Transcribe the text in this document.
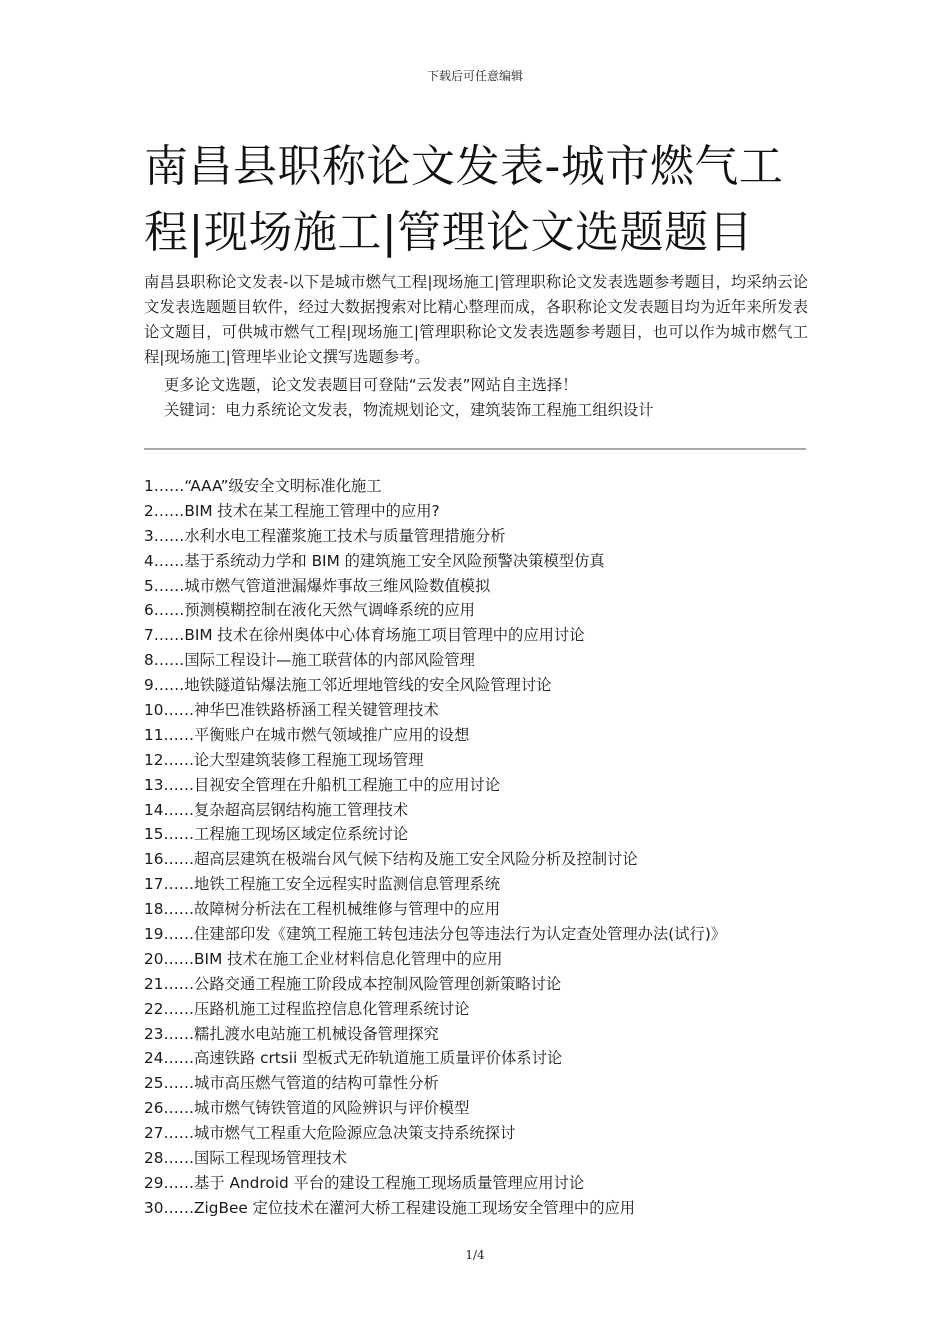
下载后可任意编辑
南昌县职称论文发表-城市燃气工程|现场施工|管理论文选题题目

南昌县职称论文发表-以下是城市燃气工程|现场施工|管理职称论文发表选题参考题目，均采纳云论文发表选题题目软件，经过大数据搜索对比精心整理而成，各职称论文发表题目均为近年来所发表论文题目，可供城市燃气工程|现场施工|管理职称论文发表选题参考题目，也可以作为城市燃气工程|现场施工|管理毕业论文撰写选题参考。

更多论文选题，论文发表题目可登陆“云发表”网站自主选择！
关键词：电力系统论文发表，物流规划论文，建筑装饰工程施工组织设计
1……“AAA”级安全文明标准化施工
2……BIM 技术在某工程施工管理中的应用?
3……水利水电工程灌浆施工技术与质量管理措施分析
4……基于系统动力学和 BIM 的建筑施工安全风险预警决策模型仿真
5……城市燃气管道泄漏爆炸事故三维风险数值模拟
6……预测模糊控制在液化天然气调峰系统的应用
7……BIM 技术在徐州奥体中心体育场施工项目管理中的应用讨论
8……国际工程设计—施工联营体的内部风险管理
9……地铁隧道钻爆法施工邻近埋地管线的安全风险管理讨论
10……神华巴准铁路桥涵工程关键管理技术
11……平衡账户在城市燃气领域推广应用的设想
12……论大型建筑装修工程施工现场管理
13……目视安全管理在升船机工程施工中的应用讨论
14……复杂超高层钢结构施工管理技术
15……工程施工现场区域定位系统讨论
16……超高层建筑在极端台风气候下结构及施工安全风险分析及控制讨论
17……地铁工程施工安全远程实时监测信息管理系统
18……故障树分析法在工程机械维修与管理中的应用
19……住建部印发《建筑工程施工转包违法分包等违法行为认定查处管理办法(试行)》
20……BIM 技术在施工企业材料信息化管理中的应用
21……公路交通工程施工阶段成本控制风险管理创新策略讨论
22……压路机施工过程监控信息化管理系统讨论
23……糯扎渡水电站施工机械设备管理探究
24……高速铁路 crtsii 型板式无砟轨道施工质量评价体系讨论
25……城市高压燃气管道的结构可靠性分析
26……城市燃气铸铁管道的风险辨识与评价模型
27……城市燃气工程重大危险源应急决策支持系统探讨
28……国际工程现场管理技术
29……基于 Android 平台的建设工程施工现场质量管理应用讨论
30……ZigBee 定位技术在灌河大桥工程建设施工现场安全管理中的应用
1/4
